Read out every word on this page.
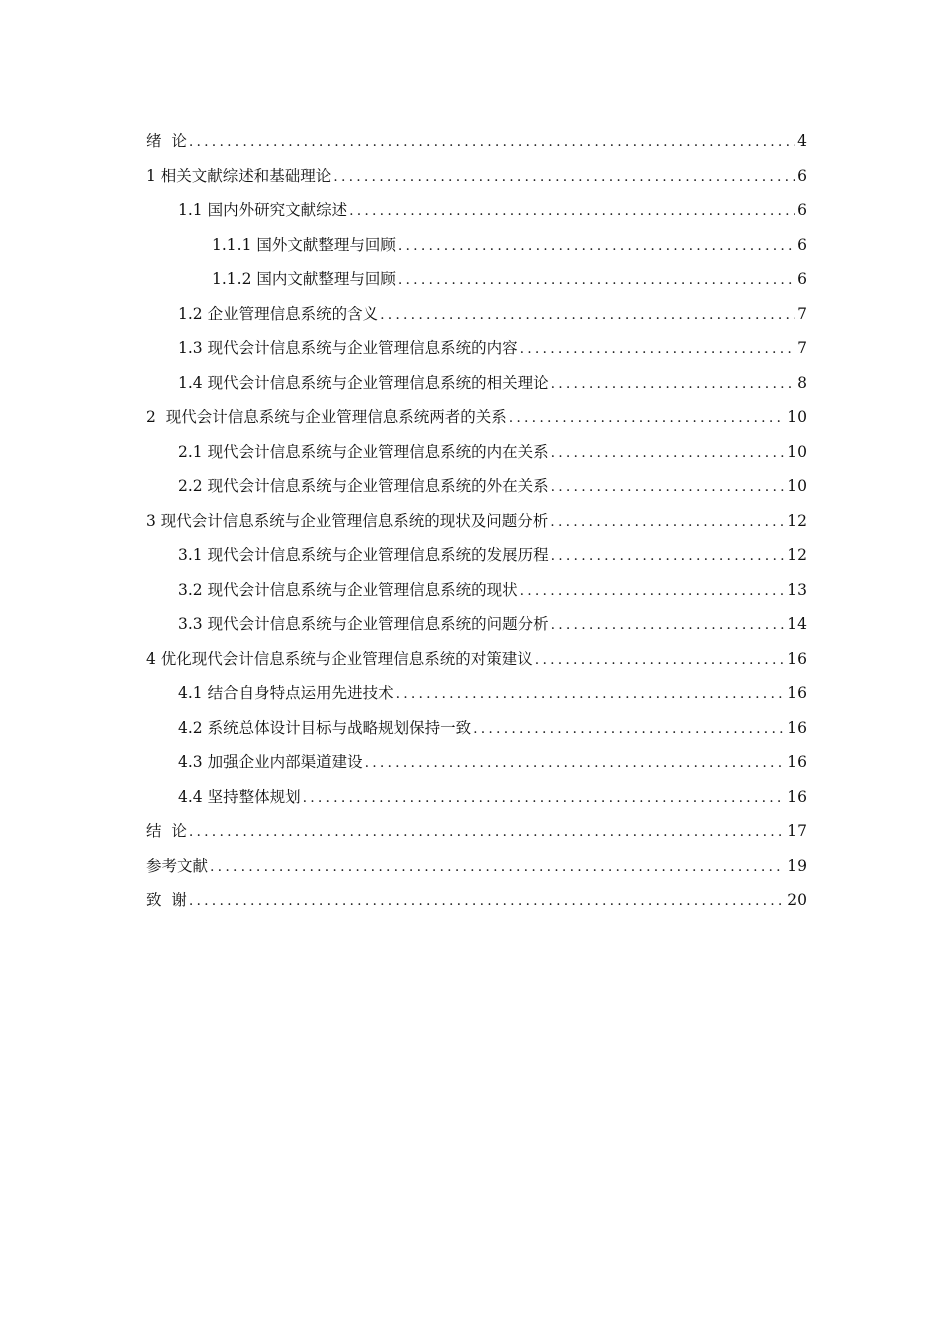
绪  论 .....	4
1 相关文献综述和基础理论 .....	6
1.1 国内外研究文献综述 .....	6
1.1.1 国外文献整理与回顾 .....	6
1.1.2 国内文献整理与回顾 .....	6
1.2 企业管理信息系统的含义 .....	7
1.3 现代会计信息系统与企业管理信息系统的内容 .....	7
1.4 现代会计信息系统与企业管理信息系统的相关理论 .....	8
2  现代会计信息系统与企业管理信息系统两者的关系 .....	10
2.1 现代会计信息系统与企业管理信息系统的内在关系 .....	10
2.2 现代会计信息系统与企业管理信息系统的外在关系 .....	10
3 现代会计信息系统与企业管理信息系统的现状及问题分析 .....	12
3.1 现代会计信息系统与企业管理信息系统的发展历程 .....	12
3.2 现代会计信息系统与企业管理信息系统的现状 .....	13
3.3 现代会计信息系统与企业管理信息系统的问题分析 .....	14
4 优化现代会计信息系统与企业管理信息系统的对策建议 .....	16
4.1 结合自身特点运用先进技术 .....	16
4.2 系统总体设计目标与战略规划保持一致 .....	16
4.3 加强企业内部渠道建设 .....	16
4.4 坚持整体规划 .....	16
结  论 .....	17
参考文献 .....	19
致  谢 .....	20
